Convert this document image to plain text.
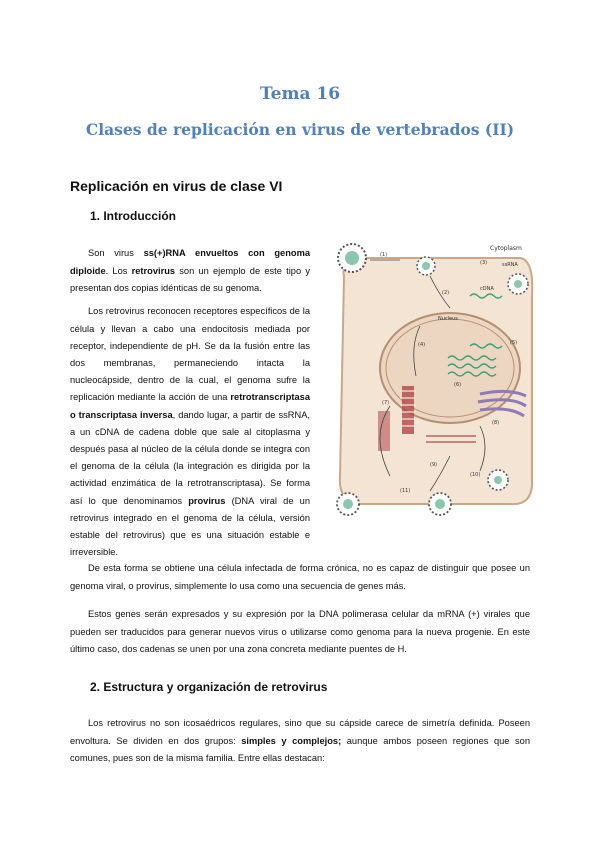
Tema 16
Clases de replicación en virus de vertebrados (II)
Replicación en virus de clase VI
1. Introducción

Son virus ss(+)RNA envueltos con genoma diploide. Los retrovirus son un ejemplo de este tipo y presentan dos copias idénticas de su genoma.

Los retrovirus reconocen receptores específicos de la célula y llevan a cabo una endocitosis mediada por receptor, independiente de pH. Se da la fusión entre las dos membranas, permaneciendo intacta la nucleocápside, dentro de la cual, el genoma sufre la replicación mediante la acción de una retrotranscriptasa o transcriptasa inversa, dando lugar, a partir de ssRNA, a un cDNA de cadena doble que sale al citoplasma y después pasa al núcleo de la célula donde se integra con el genoma de la célula (la integración es dirigida por la actividad enzimática de la retrotranscriptasa). Se forma así lo que denominamos provirus (DNA viral de un retrovirus integrado en el genoma de la célula, versión estable del retrovirus) que es una situación estable e irreversible.

Cytoplasm
Nucleus
ssRNA
cDNA
(1)
(2)
(3)
(4)	(5)
(6)
(7)
(8)
(9)
(10)
(11)

De esta forma se obtiene una célula infectada de forma crónica, no es capaz de distinguir que posee un genoma viral, o provirus, simplemente lo usa como una secuencia de genes más.

Estos genes serán expresados y su expresión por la DNA polimerasa celular da mRNA (+) virales que pueden ser traducidos para generar nuevos virus o utilizarse como genoma para la nueva progenie. En este último caso, dos cadenas se unen por una zona concreta mediante puentes de H.

2. Estructura y organización de retrovirus

Los retrovirus no son icosaédricos regulares, sino que su cápside carece de simetría definida. Poseen envoltura. Se dividen en dos grupos: simples y complejos; aunque ambos poseen regiones que son comunes, pues son de la misma familia. Entre ellas destacan:
